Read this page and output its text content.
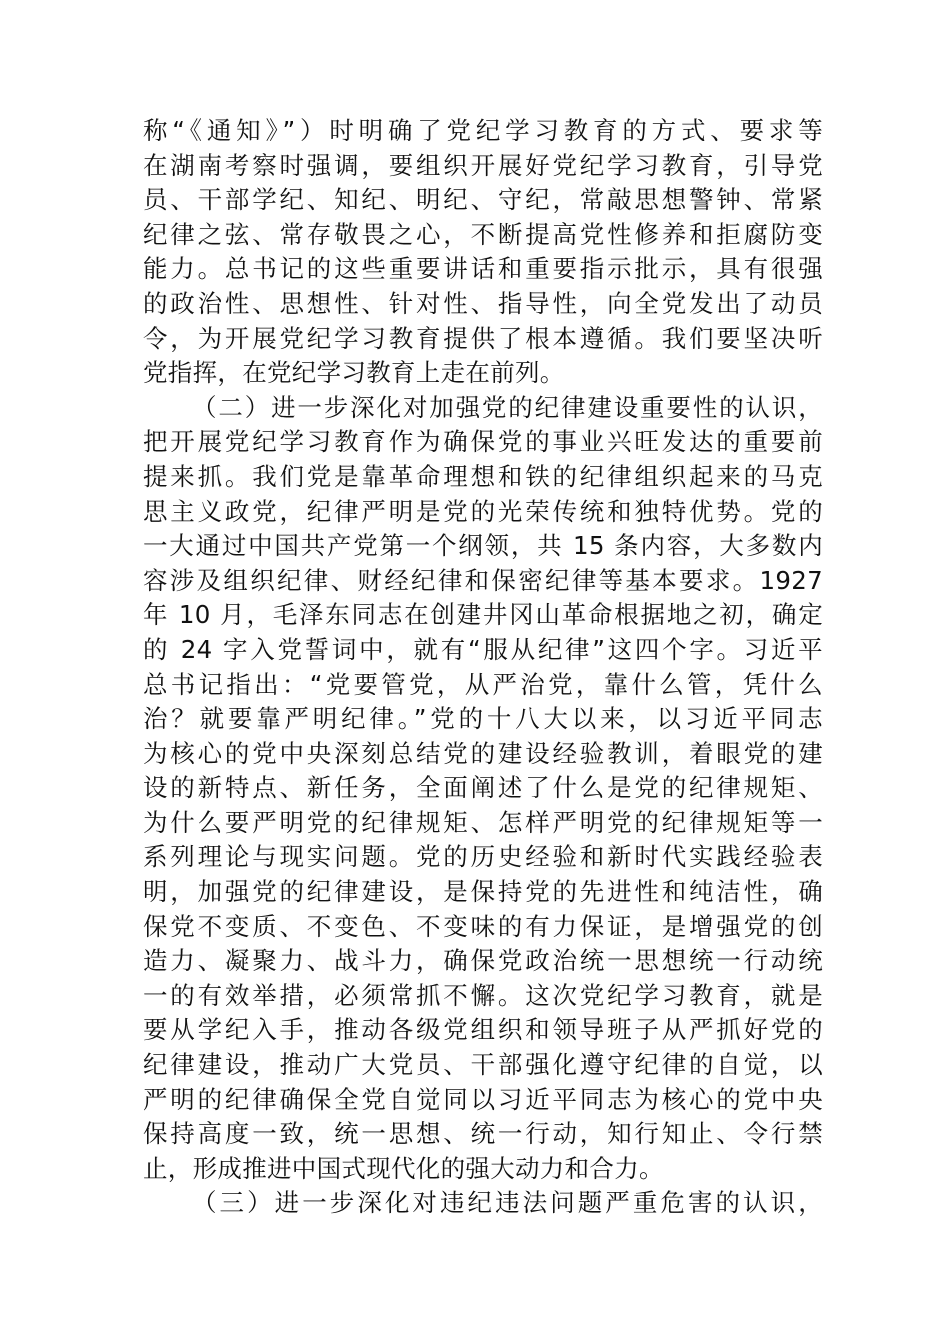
称“《通知》”）时明确了党纪学习教育的方式、要求等
在湖南考察时强调，要组织开展好党纪学习教育，引导党
员、干部学纪、知纪、明纪、守纪，常敲思想警钟、常紧
纪律之弦、常存敬畏之心，不断提高党性修养和拒腐防变
能力。总书记的这些重要讲话和重要指示批示，具有很强
的政治性、思想性、针对性、指导性，向全党发出了动员
令，为开展党纪学习教育提供了根本遵循。我们要坚决听
党指挥，在党纪学习教育上走在前列。
（二）进一步深化对加强党的纪律建设重要性的认识，
把开展党纪学习教育作为确保党的事业兴旺发达的重要前
提来抓。我们党是靠革命理想和铁的纪律组织起来的马克
思主义政党，纪律严明是党的光荣传统和独特优势。党的
一大通过中国共产党第一个纲领，共 15 条内容，大多数内
容涉及组织纪律、财经纪律和保密纪律等基本要求。1927
年 10 月，毛泽东同志在创建井冈山革命根据地之初，确定
的 24 字入党誓词中，就有“服从纪律”这四个字。习近平
总书记指出：“党要管党，从严治党，靠什么管，凭什么
治？就要靠严明纪律。”党的十八大以来，以习近平同志
为核心的党中央深刻总结党的建设经验教训，着眼党的建
设的新特点、新任务，全面阐述了什么是党的纪律规矩、
为什么要严明党的纪律规矩、怎样严明党的纪律规矩等一
系列理论与现实问题。党的历史经验和新时代实践经验表
明，加强党的纪律建设，是保持党的先进性和纯洁性，确
保党不变质、不变色、不变味的有力保证，是增强党的创
造力、凝聚力、战斗力，确保党政治统一思想统一行动统
一的有效举措，必须常抓不懈。这次党纪学习教育，就是
要从学纪入手，推动各级党组织和领导班子从严抓好党的
纪律建设，推动广大党员、干部强化遵守纪律的自觉，以
严明的纪律确保全党自觉同以习近平同志为核心的党中央
保持高度一致，统一思想、统一行动，知行知止、令行禁
止，形成推进中国式现代化的强大动力和合力。
（三）进一步深化对违纪违法问题严重危害的认识，
